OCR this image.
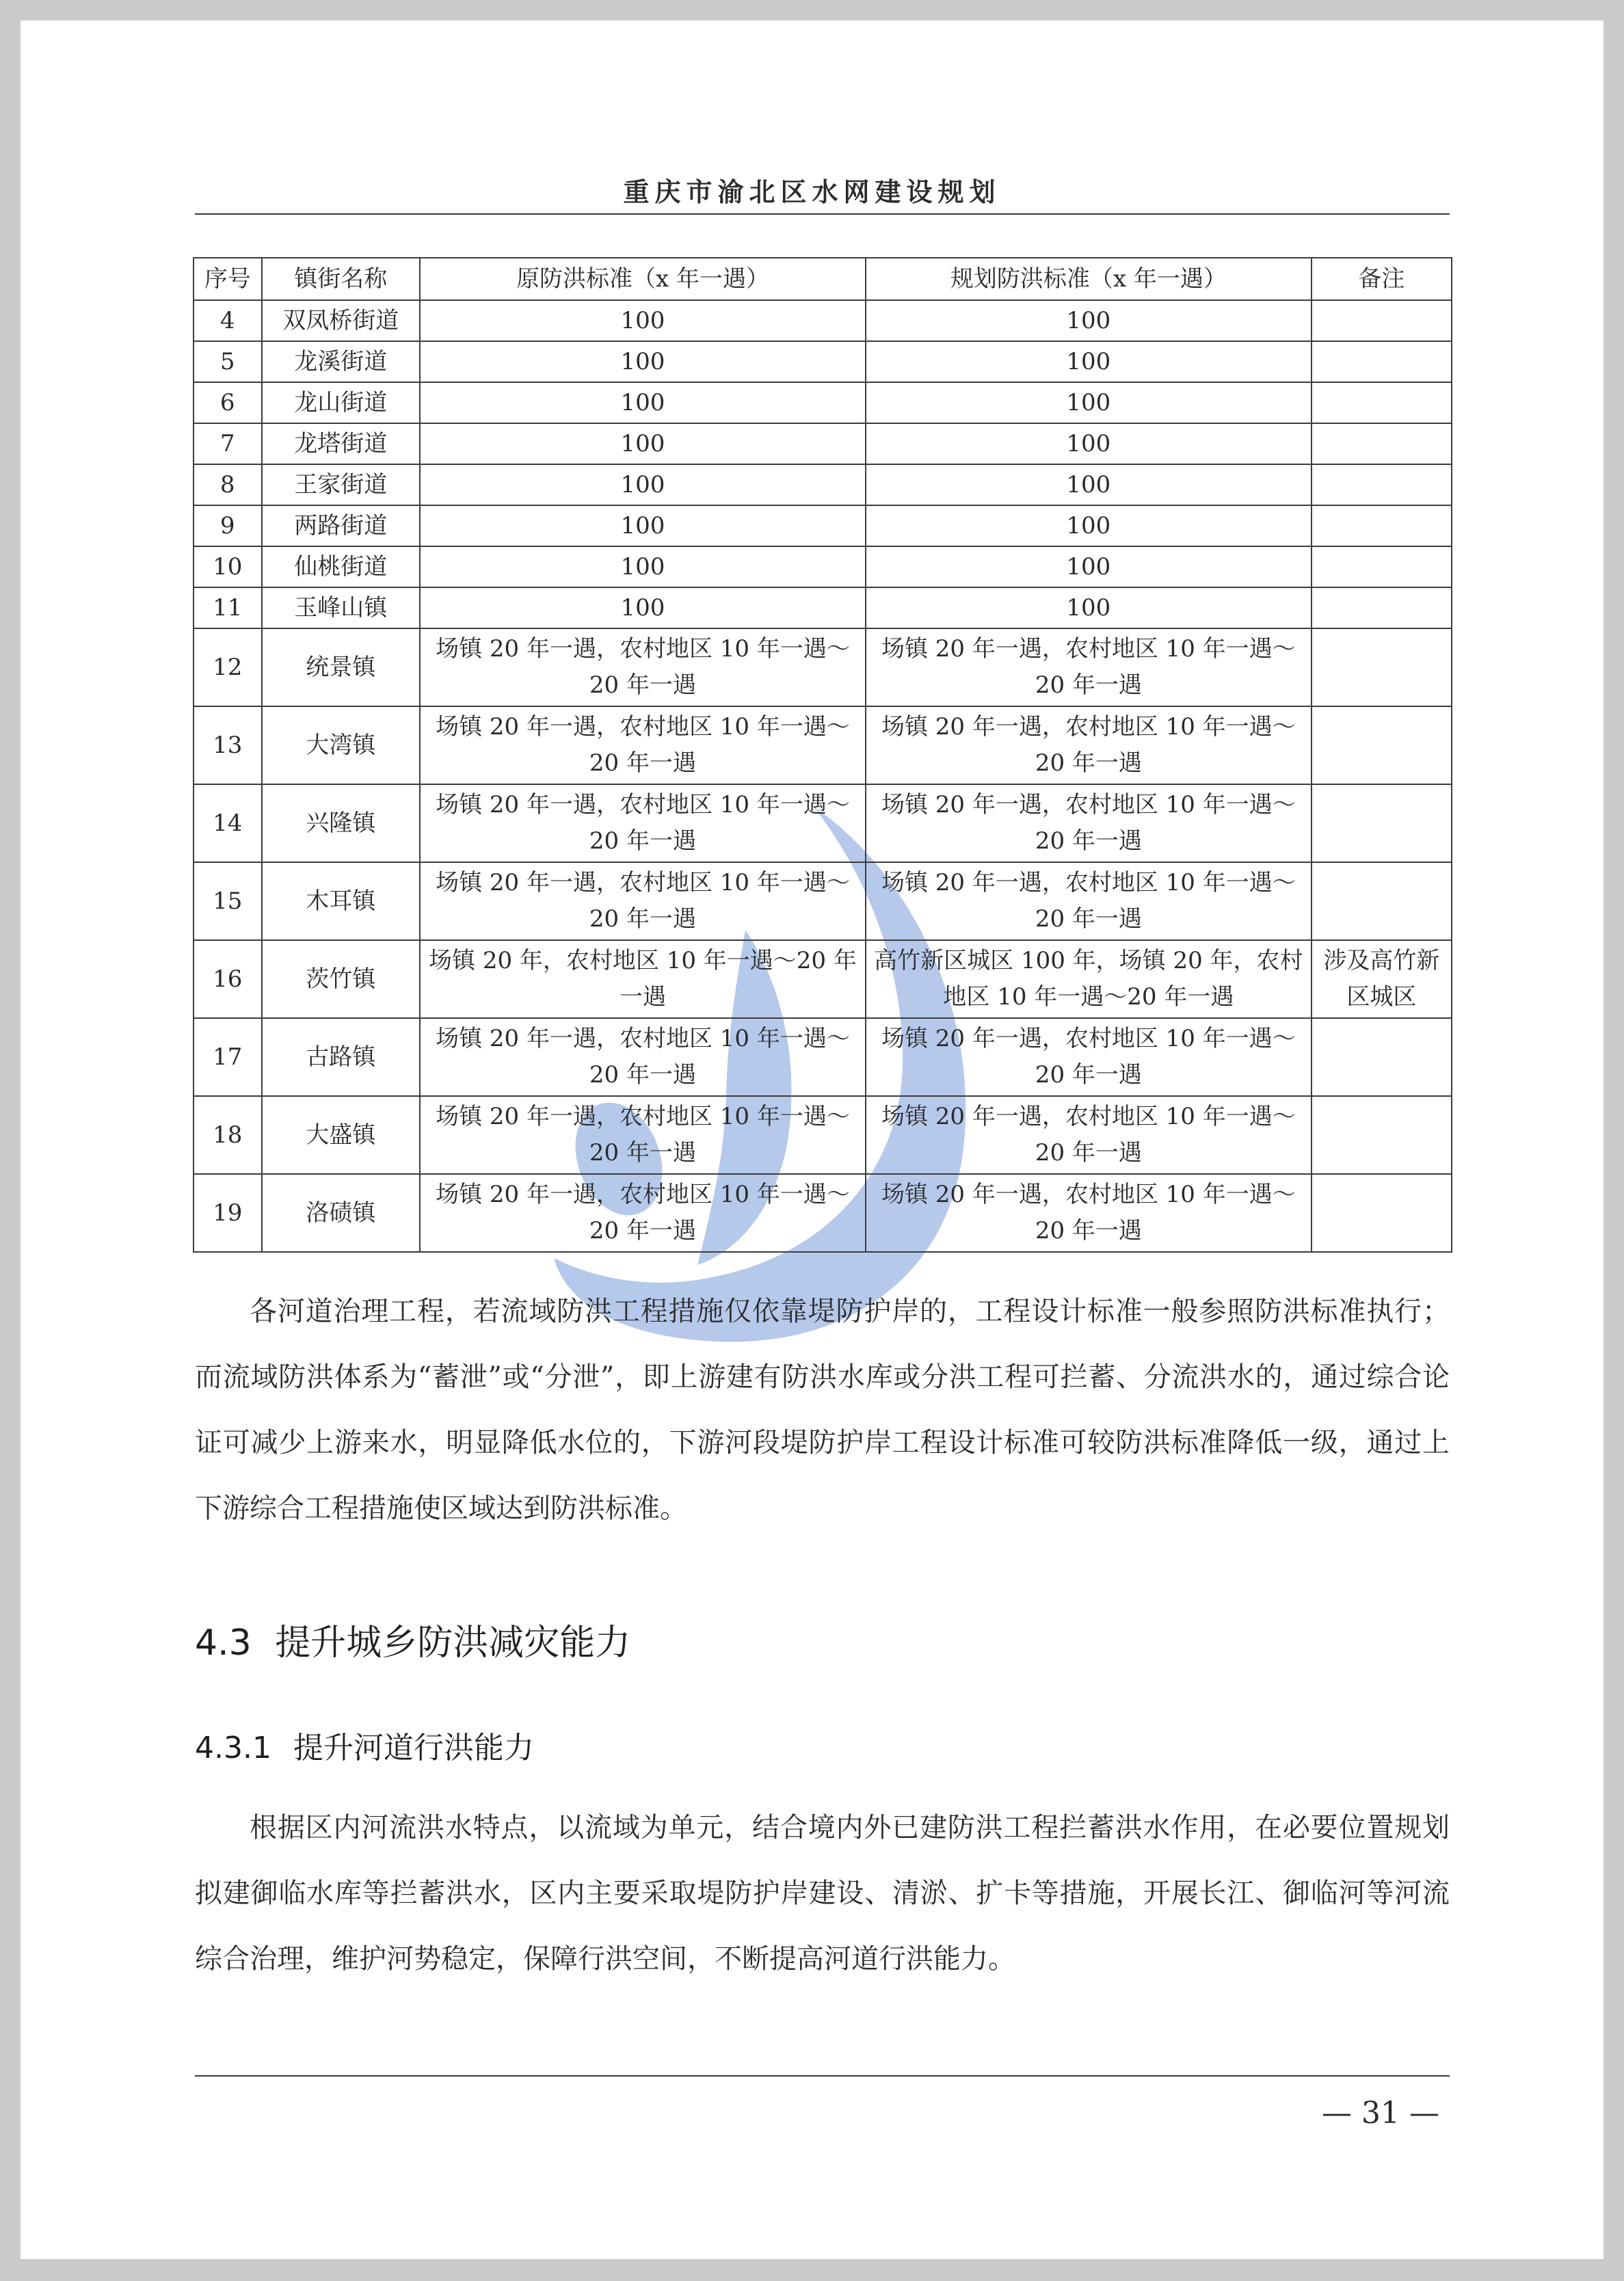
重庆市渝北区水网建设规划
序号	镇街名称	原防洪标准（x 年一遇）	规划防洪标准（x 年一遇）	备注
4	双凤桥街道	100	100	
5	龙溪街道	100	100	
6	龙山街道	100	100	
7	龙塔街道	100	100	
8	王家街道	100	100	
9	两路街道	100	100	
10	仙桃街道	100	100	
11	玉峰山镇	100	100	
12	统景镇	场镇 20 年一遇，农村地区 10 年一遇～20 年一遇	场镇 20 年一遇，农村地区 10 年一遇～20 年一遇	
13	大湾镇	场镇 20 年一遇，农村地区 10 年一遇～20 年一遇	场镇 20 年一遇，农村地区 10 年一遇～20 年一遇	
14	兴隆镇	场镇 20 年一遇，农村地区 10 年一遇～20 年一遇	场镇 20 年一遇，农村地区 10 年一遇～20 年一遇	
15	木耳镇	场镇 20 年一遇，农村地区 10 年一遇～20 年一遇	场镇 20 年一遇，农村地区 10 年一遇～20 年一遇	
16	茨竹镇	场镇 20 年，农村地区 10 年一遇～20 年一遇	高竹新区城区 100 年，场镇 20 年，农村地区 10 年一遇～20 年一遇	涉及高竹新区城区
17	古路镇	场镇 20 年一遇，农村地区 10 年一遇～20 年一遇	场镇 20 年一遇，农村地区 10 年一遇～20 年一遇	
18	大盛镇	场镇 20 年一遇，农村地区 10 年一遇～20 年一遇	场镇 20 年一遇，农村地区 10 年一遇～20 年一遇	
19	洛碛镇	场镇 20 年一遇，农村地区 10 年一遇～20 年一遇	场镇 20 年一遇，农村地区 10 年一遇～20 年一遇	

各河道治理工程，若流域防洪工程措施仅依靠堤防护岸的，工程设计标准一般参照防洪标准执行；而流域防洪体系为“蓄泄”或“分泄”，即上游建有防洪水库或分洪工程可拦蓄、分流洪水的，通过综合论证可减少上游来水，明显降低水位的，下游河段堤防护岸工程设计标准可较防洪标准降低一级，通过上下游综合工程措施使区域达到防洪标准。

4.3 提升城乡防洪减灾能力
4.3.1 提升河道行洪能力

根据区内河流洪水特点，以流域为单元，结合境内外已建防洪工程拦蓄洪水作用，在必要位置规划拟建御临水库等拦蓄洪水，区内主要采取堤防护岸建设、清淤、扩卡等措施，开展长江、御临河等河流综合治理，维护河势稳定，保障行洪空间，不断提高河道行洪能力。

— 31 —
